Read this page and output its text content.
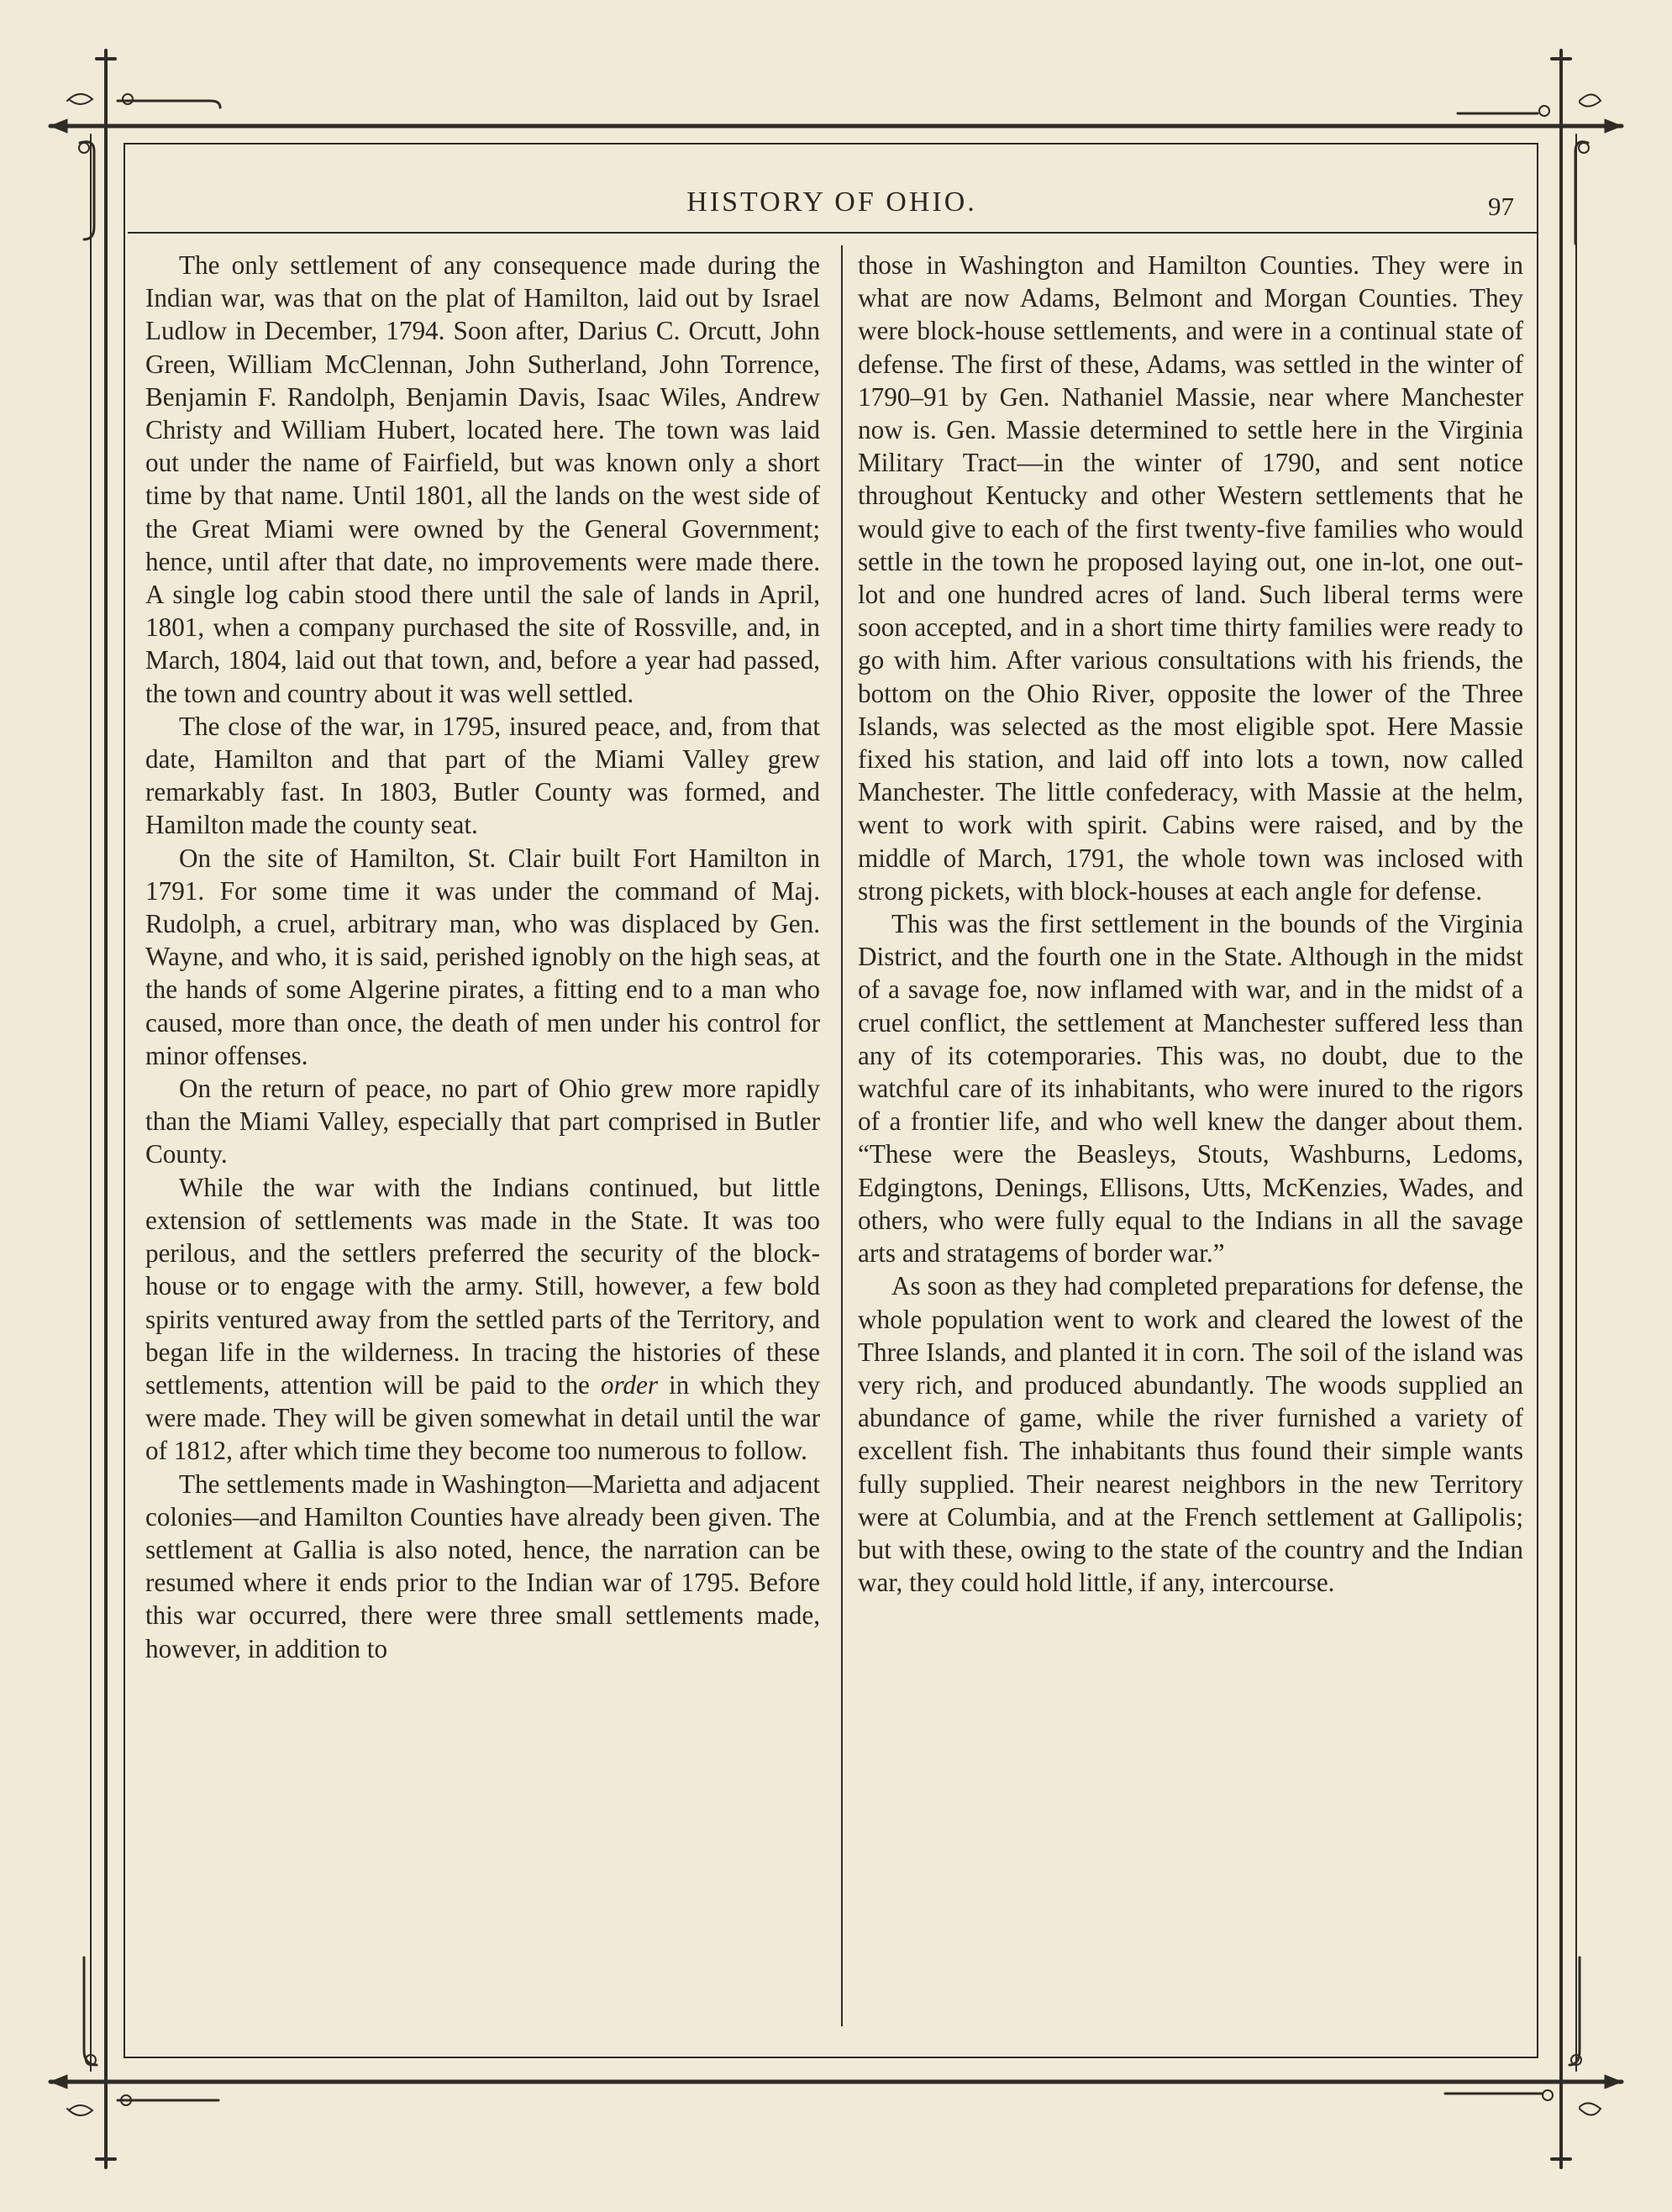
HISTORY OF OHIO.	97

The only settlement of any consequence made during the Indian war, was that on the plat of Hamilton, laid out by Israel Ludlow in December, 1794. Soon after, Darius C. Orcutt, John Green, William McClennan, John Sutherland, John Torrence, Benjamin F. Randolph, Benjamin Davis, Isaac Wiles, Andrew Christy and William Hubert, located here. The town was laid out under the name of Fairfield, but was known only a short time by that name. Until 1801, all the lands on the west side of the Great Miami were owned by the General Government; hence, until after that date, no improvements were made there. A single log cabin stood there until the sale of lands in April, 1801, when a company purchased the site of Rossville, and, in March, 1804, laid out that town, and, before a year had passed, the town and country about it was well settled.

The close of the war, in 1795, insured peace, and, from that date, Hamilton and that part of the Miami Valley grew remarkably fast. In 1803, Butler County was formed, and Hamilton made the county seat.

On the site of Hamilton, St. Clair built Fort Hamilton in 1791. For some time it was under the command of Maj. Rudolph, a cruel, arbitrary man, who was displaced by Gen. Wayne, and who, it is said, perished ignobly on the high seas, at the hands of some Algerine pirates, a fitting end to a man who caused, more than once, the death of men under his control for minor offenses.

On the return of peace, no part of Ohio grew more rapidly than the Miami Valley, especially that part comprised in Butler County.

While the war with the Indians continued, but little extension of settlements was made in the State. It was too perilous, and the settlers preferred the security of the block-house or to engage with the army. Still, however, a few bold spirits ventured away from the settled parts of the Territory, and began life in the wilderness. In tracing the histories of these settlements, attention will be paid to the order in which they were made. They will be given somewhat in detail until the war of 1812, after which time they become too numerous to follow.

The settlements made in Washington—Marietta and adjacent colonies—and Hamilton Counties have already been given. The settlement at Gallia is also noted, hence, the narration can be resumed where it ends prior to the Indian war of 1795. Before this war occurred, there were three small settlements made, however, in addition to

those in Washington and Hamilton Counties. They were in what are now Adams, Belmont and Morgan Counties. They were block-house settlements, and were in a continual state of defense. The first of these, Adams, was settled in the winter of 1790–91 by Gen. Nathaniel Massie, near where Manchester now is. Gen. Massie determined to settle here in the Virginia Military Tract—in the winter of 1790, and sent notice throughout Kentucky and other Western settlements that he would give to each of the first twenty-five families who would settle in the town he proposed laying out, one in-lot, one out-lot and one hundred acres of land. Such liberal terms were soon accepted, and in a short time thirty families were ready to go with him. After various consultations with his friends, the bottom on the Ohio River, opposite the lower of the Three Islands, was selected as the most eligible spot. Here Massie fixed his station, and laid off into lots a town, now called Manchester. The little confederacy, with Massie at the helm, went to work with spirit. Cabins were raised, and by the middle of March, 1791, the whole town was inclosed with strong pickets, with block-houses at each angle for defense.

This was the first settlement in the bounds of the Virginia District, and the fourth one in the State. Although in the midst of a savage foe, now inflamed with war, and in the midst of a cruel conflict, the settlement at Manchester suffered less than any of its cotemporaries. This was, no doubt, due to the watchful care of its inhabitants, who were inured to the rigors of a frontier life, and who well knew the danger about them. “These were the Beasleys, Stouts, Washburns, Ledoms, Edgingtons, Denings, Ellisons, Utts, McKenzies, Wades, and others, who were fully equal to the Indians in all the savage arts and stratagems of border war.”

As soon as they had completed preparations for defense, the whole population went to work and cleared the lowest of the Three Islands, and planted it in corn. The soil of the island was very rich, and produced abundantly. The woods supplied an abundance of game, while the river furnished a variety of excellent fish. The inhabitants thus found their simple wants fully supplied. Their nearest neighbors in the new Territory were at Columbia, and at the French settlement at Gallipolis; but with these, owing to the state of the country and the Indian war, they could hold little, if any, intercourse.
